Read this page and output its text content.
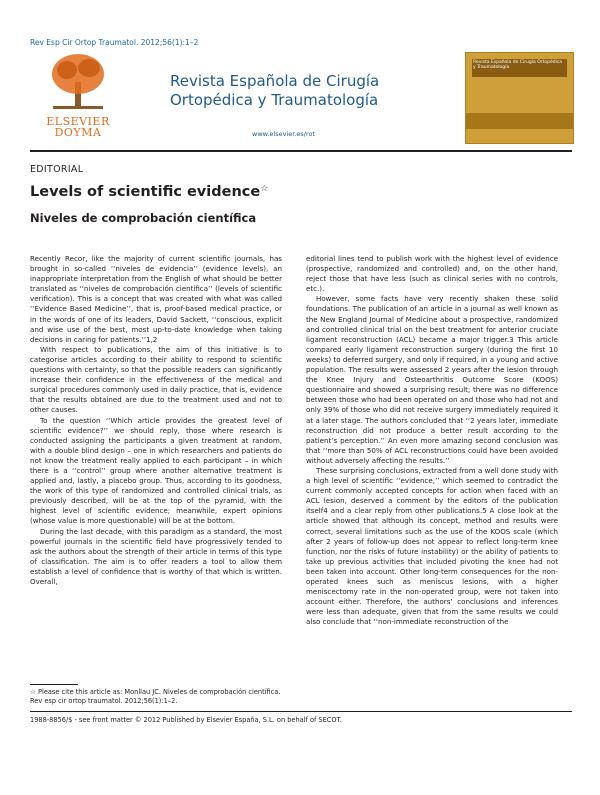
Rev Esp Cir Ortop Traumatol. 2012;56(1):1–2
ELSEVIER
DOYMA
Revista Española de Cirugía
Ortopédica y Traumatología
www.elsevier.es/rot
Revista Española de Cirugía Ortopédica y Traumatología
EDITORIAL
Levels of scientific evidence☆
Niveles de comprobación científica

Recently Recor, like the majority of current scientific journals, has brought in so-called ‘‘niveles de evidencia’’ (evidence levels), an inappropriate interpretation from the English of what should be better translated as ‘‘niveles de comprobación científica’’ (levels of scientific verification). This is a concept that was created with what was called ‘‘Evidence Based Medicine’’, that is, proof-based medical practice, or in the words of one of its leaders, David Sackett, ‘‘conscious, explicit and wise use of the best, most up-to-date knowledge when taking decisions in caring for patients.’’1,2

With respect to publications, the aim of this initiative is to categorise articles according to their ability to respond to scientific questions with certainty, so that the possible readers can significantly increase their confidence in the effectiveness of the medical and surgical procedures commonly used in daily practice, that is, evidence that the results obtained are due to the treatment used and not to other causes.

To the question ‘‘Which article provides the greatest level of scientific evidence?’’ we should reply, those where research is conducted assigning the participants a given treatment at random, with a double blind design – one in which researchers and patients do not know the treatment really applied to each participant – in which there is a ‘‘control’’ group where another alternative treatment is applied and, lastly, a placebo group. Thus, according to its goodness, the work of this type of randomized and controlled clinical trials, as previously described, will be at the top of the pyramid, with the highest level of scientific evidence; meanwhile, expert opinions (whose value is more questionable) will be at the bottom.

During the last decade, with this paradigm as a standard, the most powerful journals in the scientific field have progressively tended to ask the authors about the strength of their article in terms of this type of classification. The aim is to offer readers a tool to allow them establish a level of confidence that is worthy of that which is written. Overall,

editorial lines tend to publish work with the highest level of evidence (prospective, randomized and controlled) and, on the other hand, reject those that have less (such as clinical series with no controls, etc.).

However, some facts have very recently shaken these solid foundations. The publication of an article in a journal as well known as the New England Journal of Medicine about a prospective, randomized and controlled clinical trial on the best treatment for anterior cruciate ligament reconstruction (ACL) became a major trigger.3 This article compared early ligament reconstruction surgery (during the first 10 weeks) to deferred surgery, and only if required, in a young and active population. The results were assessed 2 years after the lesion through the Knee Injury and Osteoarthritis Outcome Score (KOOS) questionnaire and showed a surprising result; there was no difference between those who had been operated on and those who had not and only 39% of those who did not receive surgery immediately required it at a later stage. The authors concluded that ‘‘2 years later, immediate reconstruction did not produce a better result according to the patient’s perception.’’ An even more amazing second conclusion was that ‘‘more than 50% of ACL reconstructions could have been avoided without adversely affecting the results.’’

These surprising conclusions, extracted from a well done study with a high level of scientific ‘‘evidence,’’ which seemed to contradict the current commonly accepted concepts for action when faced with an ACL lesion, deserved a comment by the editors of the publication itself4 and a clear reply from other publications.5 A close look at the article showed that although its concept, method and results were correct, several limitations such as the use of the KOOS scale (which after 2 years of follow-up does not appear to reflect long-term knee function, nor the risks of future instability) or the ability of patients to take up previous activities that included pivoting the knee had not been taken into account. Other long-term consequences for the non-operated knees such as meniscus lesions, with a higher meniscectomy rate in the non-operated group, were not taken into account either. Therefore, the authors’ conclusions and inferences were less than adequate, given that from the same results we could also conclude that ‘‘non-immediate reconstruction of the

☆ Please cite this article as: Monllau JC. Niveles de comprobación científica. Rev esp cir ortop traumatol. 2012;56(1):1–2.
1988-8856/$ - see front matter © 2012 Published by Elsevier España, S.L. on behalf of SECOT.
